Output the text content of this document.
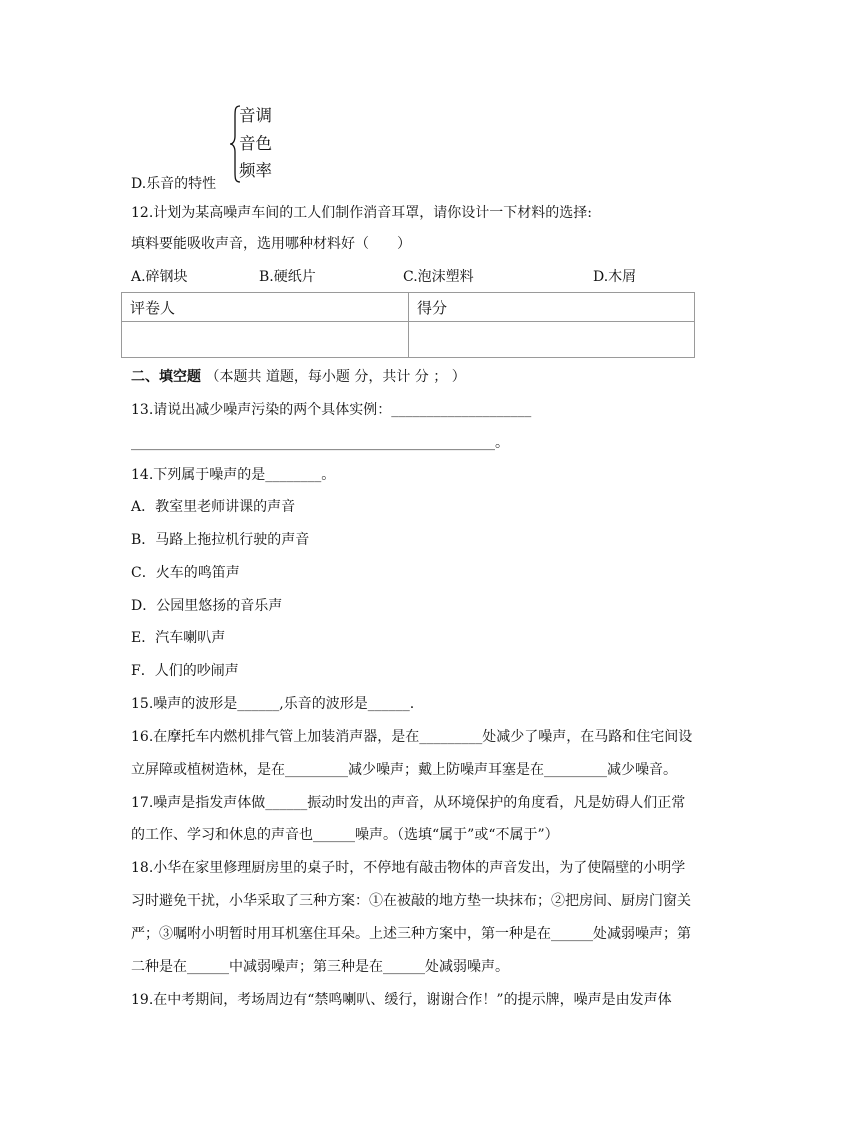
音调
音色
频率
D.乐音的特性
12.计划为某高噪声车间的工人们制作消音耳罩，请你设计一下材料的选择:
填料要能吸收声音，选用哪种材料好（　　）
A.碎钢块	B.硬纸片	C.泡沫塑料	D.木屑
评卷人	得分

二、填空题 （本题共 道题，每小题 分，共计 分 ； ）
13.请说出减少噪声污染的两个具体实例：____________________
____________________________________________________。
14.下列属于噪声的是________。
A．教室里老师讲课的声音
B．马路上拖拉机行驶的声音
C．火车的鸣笛声
D．公园里悠扬的音乐声
E．汽车喇叭声
F．人们的吵闹声
15.噪声的波形是______,乐音的波形是______.
16.在摩托车内燃机排气管上加装消声器，是在_________处减少了噪声，在马路和住宅间设
立屏障或植树造林，是在_________减少噪声；戴上防噪声耳塞是在_________减少噪音。
17.噪声是指发声体做______振动时发出的声音，从环境保护的角度看，凡是妨碍人们正常
的工作、学习和休息的声音也______噪声。（选填“属于”或“不属于”）
18.小华在家里修理厨房里的桌子时，不停地有敲击物体的声音发出，为了使隔壁的小明学
习时避免干扰，小华采取了三种方案：①在被敲的地方垫一块抹布；②把房间、厨房门窗关
严；③嘱咐小明暂时用耳机塞住耳朵。上述三种方案中，第一种是在______处减弱噪声；第
二种是在______中减弱噪声；第三种是在______处减弱噪声。
19.在中考期间，考场周边有“禁鸣喇叭、缓行，谢谢合作！”的提示牌，噪声是由发声体
